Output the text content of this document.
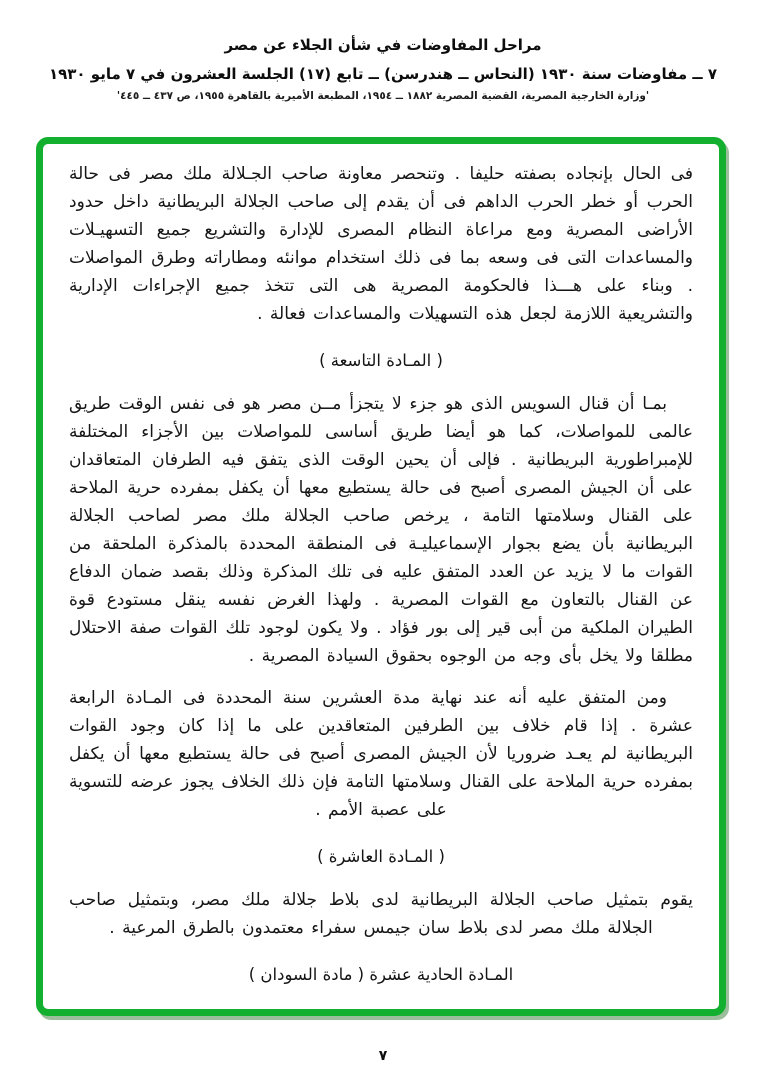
مراحل المفاوضات في شأن الجلاء عن مصر
٧ ــ مفاوضات سنة ١٩٣٠ (النحاس ــ هندرسن) ــ تابع (١٧) الجلسة العشرون في ٧ مايو ١٩٣٠
'وزارة الخارجية المصرية، القضية المصرية ١٨٨٢ ــ ١٩٥٤، المطبعة الأميرية بالقاهرة ١٩٥٥، ص ٤٣٧ ــ ٤٤٥'
فى الحال بإنجاده بصفته حليفا . وتنحصر معاونة صاحب الجـلالة ملك مصر فى حالة الحرب أو خطر الحرب الداهم فى أن يقدم إلى صاحب الجلالة البريطانية داخل حدود الأراضى المصرية ومع مراعاة النظام المصرى للإدارة والتشريع جميع التسهيـلات والمساعدات التى فى وسعه بما فى ذلك استخدام موانئه ومطاراته وطرق المواصلات . وبناء على هـــذا فالحكومة المصرية هى التى تتخذ جميع الإجراءات الإدارية والتشريعية اللازمة لجعل هذه التسهيلات والمساعدات فعالة .
( المـادة التاسعة )
بمـا أن قنال السويس الذى هو جزء لا يتجزأ مــن مصر هو فى نفس الوقت طريق عالمى للمواصلات، كما هو أيضا طريق أساسى للمواصلات بين الأجزاء المختلفة للإمبراطورية البريطانية . فإلى أن يحين الوقت الذى يتفق فيه الطرفان المتعاقدان على أن الجيش المصرى أصبح فى حالة يستطيع معها أن يكفل بمفرده حرية الملاحة على القنال وسلامتها التامة ، يرخص صاحب الجلالة ملك مصر لصاحب الجلالة البريطانية بأن يضع بجوار الإسماعيليـة فى المنطقة المحددة بالمذكرة الملحقة من القوات ما لا يزيد عن العدد المتفق عليه فى تلك المذكرة وذلك بقصد ضمان الدفاع عن القنال بالتعاون مع القوات المصرية . ولهذا الغرض نفسه ينقل مستودع قوة الطيران الملكية من أبى قير إلى بور فؤاد . ولا يكون لوجود تلك القوات صفة الاحتلال مطلقا ولا يخل بأى وجه من الوجوه بحقوق السيادة المصرية .
ومن المتفق عليه أنه عند نهاية مدة العشرين سنة المحددة فى المـادة الرابعة عشرة . إذا قام خلاف بين الطرفين المتعاقدين على ما إذا كان وجود القوات البريطانية لم يعـد ضروريا لأن الجيش المصرى أصبح فى حالة يستطيع معها أن يكفل بمفرده حرية الملاحة على القنال وسلامتها التامة فإن ذلك الخلاف يجوز عرضه للتسوية على عصبة الأمم .
( المـادة العاشرة )
يقوم بتمثيل صاحب الجلالة البريطانية لدى بلاط جلالة ملك مصر، وبتمثيل صاحب الجلالة ملك مصر لدى بلاط سان جيمس سفراء معتمدون بالطرق المرعية .
المـادة الحادية عشرة ( مادة السودان )
٧
